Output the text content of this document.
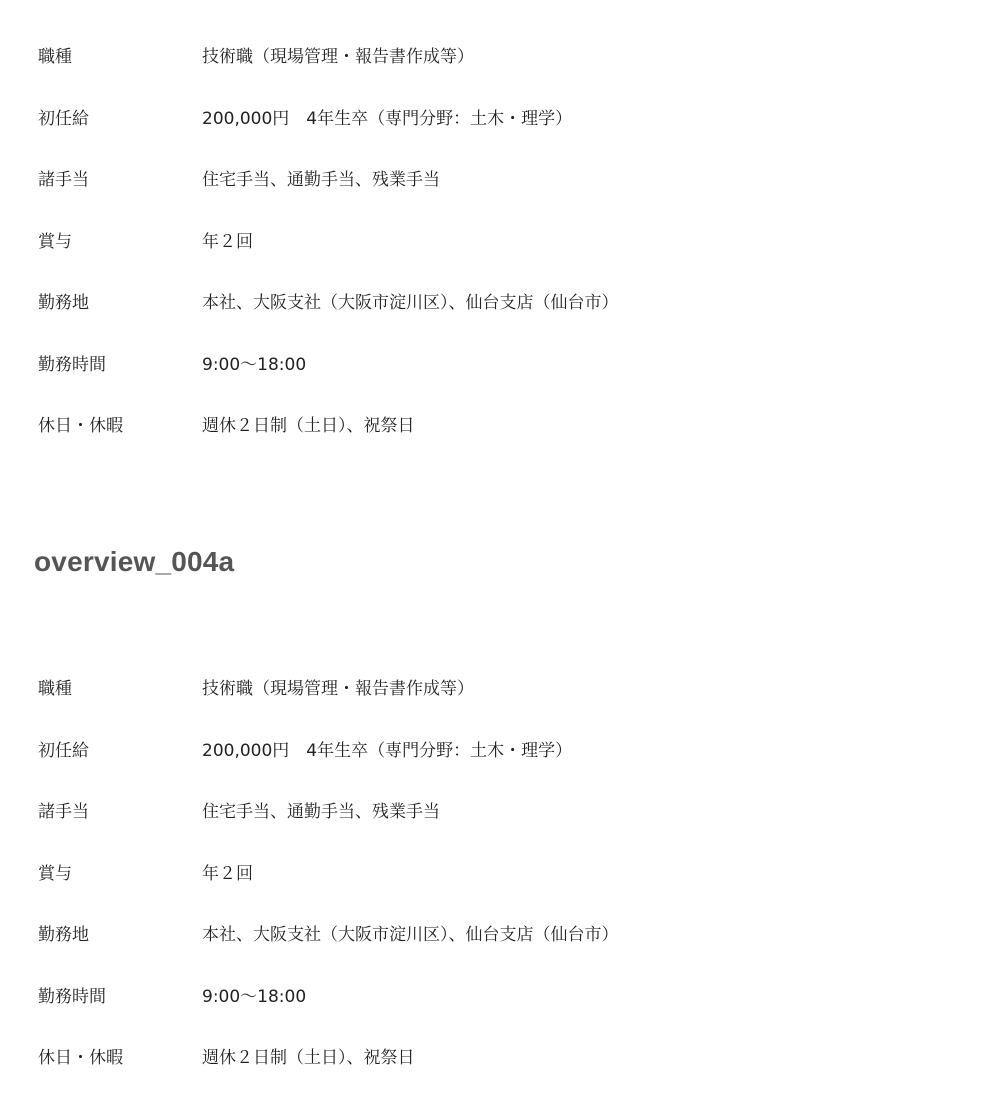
職種	技術職（現場管理・報告書作成等）
初任給	200,000円　4年生卒（専門分野：土木・理学）
諸手当	住宅手当、通勤手当、残業手当
賞与	年２回
勤務地	本社、大阪支社（大阪市淀川区）、仙台支店（仙台市）
勤務時間	9:00〜18:00
休日・休暇	週休２日制（土日）、祝祭日
overview_004a
職種	技術職（現場管理・報告書作成等）
初任給	200,000円　4年生卒（専門分野：土木・理学）
諸手当	住宅手当、通勤手当、残業手当
賞与	年２回
勤務地	本社、大阪支社（大阪市淀川区）、仙台支店（仙台市）
勤務時間	9:00〜18:00
休日・休暇	週休２日制（土日）、祝祭日
